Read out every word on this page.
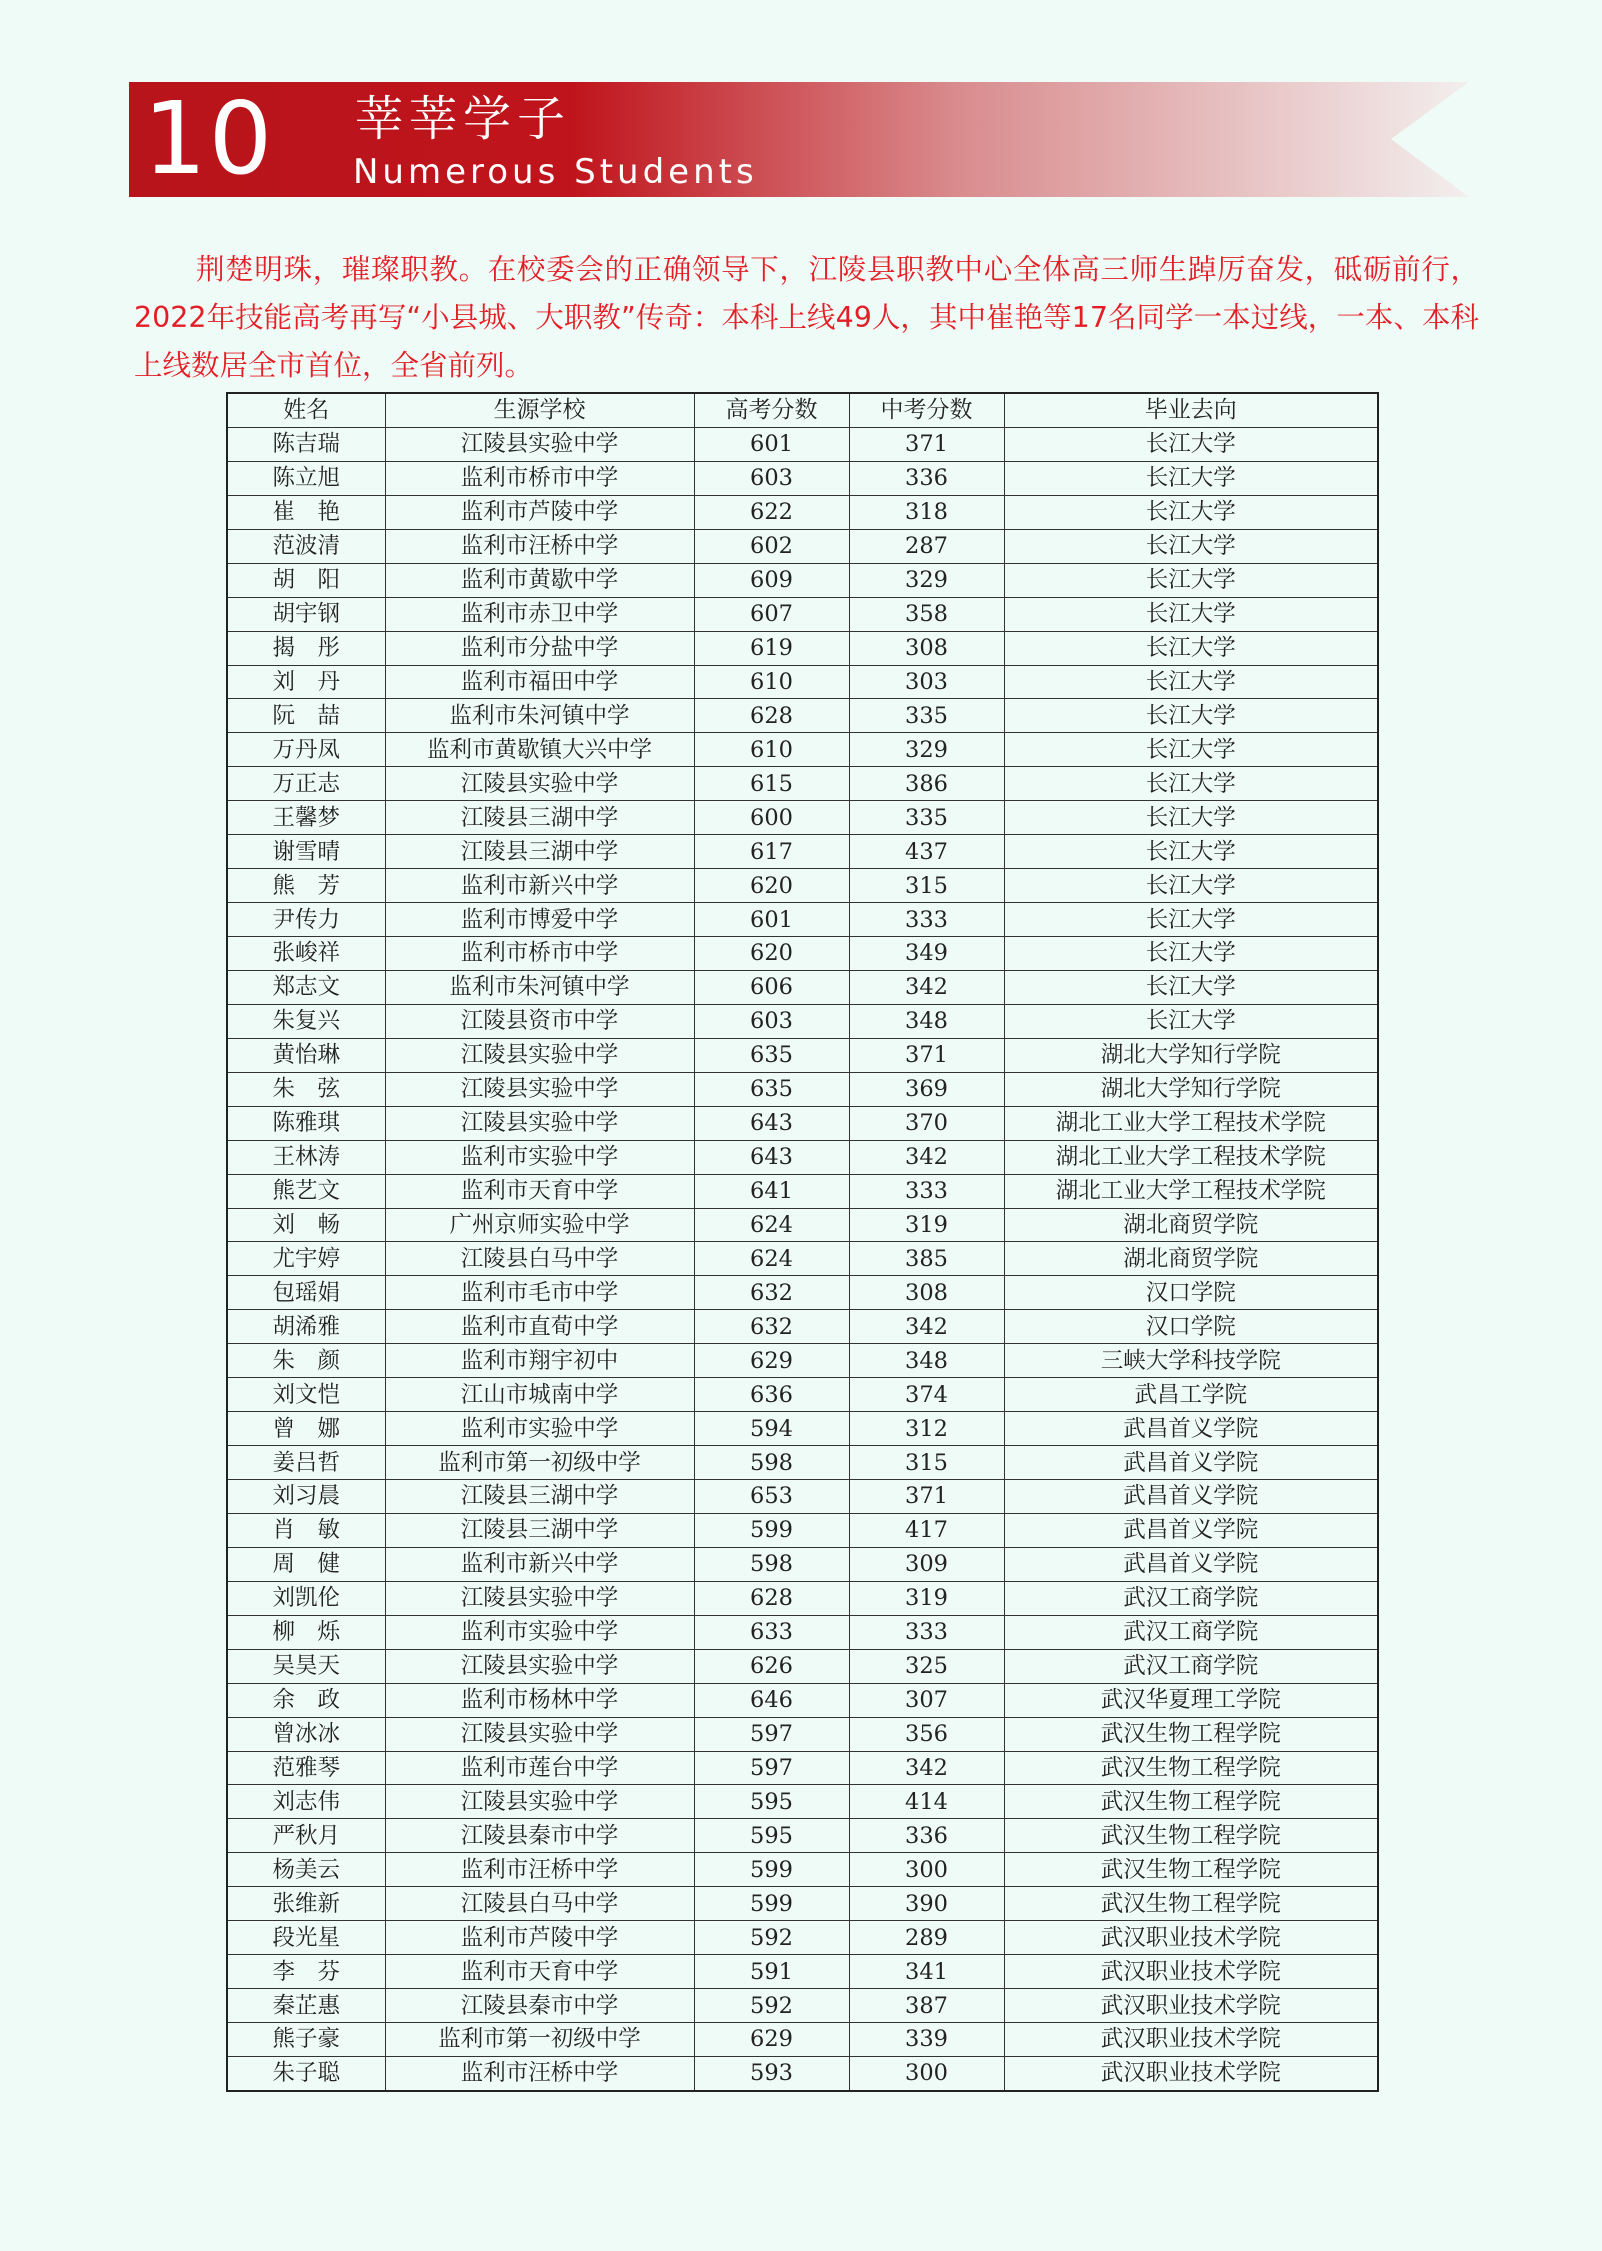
10 莘莘学子
Numerous Students

荆楚明珠，璀璨职教。在校委会的正确领导下，江陵县职教中心全体高三师生踔厉奋发，砥砺前行，2022年技能高考再写“小县城、大职教”传奇：本科上线49人，其中崔艳等17名同学一本过线，一本、本科上线数居全市首位，全省前列。

姓名	生源学校	高考分数	中考分数	毕业去向
陈吉瑞	江陵县实验中学	601	371	长江大学
陈立旭	监利市桥市中学	603	336	长江大学
崔　艳	监利市芦陵中学	622	318	长江大学
范波清	监利市汪桥中学	602	287	长江大学
胡　阳	监利市黄歇中学	609	329	长江大学
胡宇钢	监利市赤卫中学	607	358	长江大学
揭　彤	监利市分盐中学	619	308	长江大学
刘　丹	监利市福田中学	610	303	长江大学
阮　喆	监利市朱河镇中学	628	335	长江大学
万丹凤	监利市黄歇镇大兴中学	610	329	长江大学
万正志	江陵县实验中学	615	386	长江大学
王馨梦	江陵县三湖中学	600	335	长江大学
谢雪晴	江陵县三湖中学	617	437	长江大学
熊　芳	监利市新兴中学	620	315	长江大学
尹传力	监利市博爱中学	601	333	长江大学
张峻祥	监利市桥市中学	620	349	长江大学
郑志文	监利市朱河镇中学	606	342	长江大学
朱复兴	江陵县资市中学	603	348	长江大学
黄怡琳	江陵县实验中学	635	371	湖北大学知行学院
朱　弦	江陵县实验中学	635	369	湖北大学知行学院
陈雅琪	江陵县实验中学	643	370	湖北工业大学工程技术学院
王林涛	监利市实验中学	643	342	湖北工业大学工程技术学院
熊艺文	监利市天育中学	641	333	湖北工业大学工程技术学院
刘　畅	广州京师实验中学	624	319	湖北商贸学院
尤宇婷	江陵县白马中学	624	385	湖北商贸学院
包瑶娟	监利市毛市中学	632	308	汉口学院
胡浠雅	监利市直荀中学	632	342	汉口学院
朱　颜	监利市翔宇初中	629	348	三峡大学科技学院
刘文恺	江山市城南中学	636	374	武昌工学院
曾　娜	监利市实验中学	594	312	武昌首义学院
姜吕哲	监利市第一初级中学	598	315	武昌首义学院
刘习晨	江陵县三湖中学	653	371	武昌首义学院
肖　敏	江陵县三湖中学	599	417	武昌首义学院
周　健	监利市新兴中学	598	309	武昌首义学院
刘凯伦	江陵县实验中学	628	319	武汉工商学院
柳　烁	监利市实验中学	633	333	武汉工商学院
吴昊天	江陵县实验中学	626	325	武汉工商学院
余　政	监利市杨林中学	646	307	武汉华夏理工学院
曾冰冰	江陵县实验中学	597	356	武汉生物工程学院
范雅琴	监利市莲台中学	597	342	武汉生物工程学院
刘志伟	江陵县实验中学	595	414	武汉生物工程学院
严秋月	江陵县秦市中学	595	336	武汉生物工程学院
杨美云	监利市汪桥中学	599	300	武汉生物工程学院
张维新	江陵县白马中学	599	390	武汉生物工程学院
段光星	监利市芦陵中学	592	289	武汉职业技术学院
李　芬	监利市天育中学	591	341	武汉职业技术学院
秦芷惠	江陵县秦市中学	592	387	武汉职业技术学院
熊子豪	监利市第一初级中学	629	339	武汉职业技术学院
朱子聪	监利市汪桥中学	593	300	武汉职业技术学院
